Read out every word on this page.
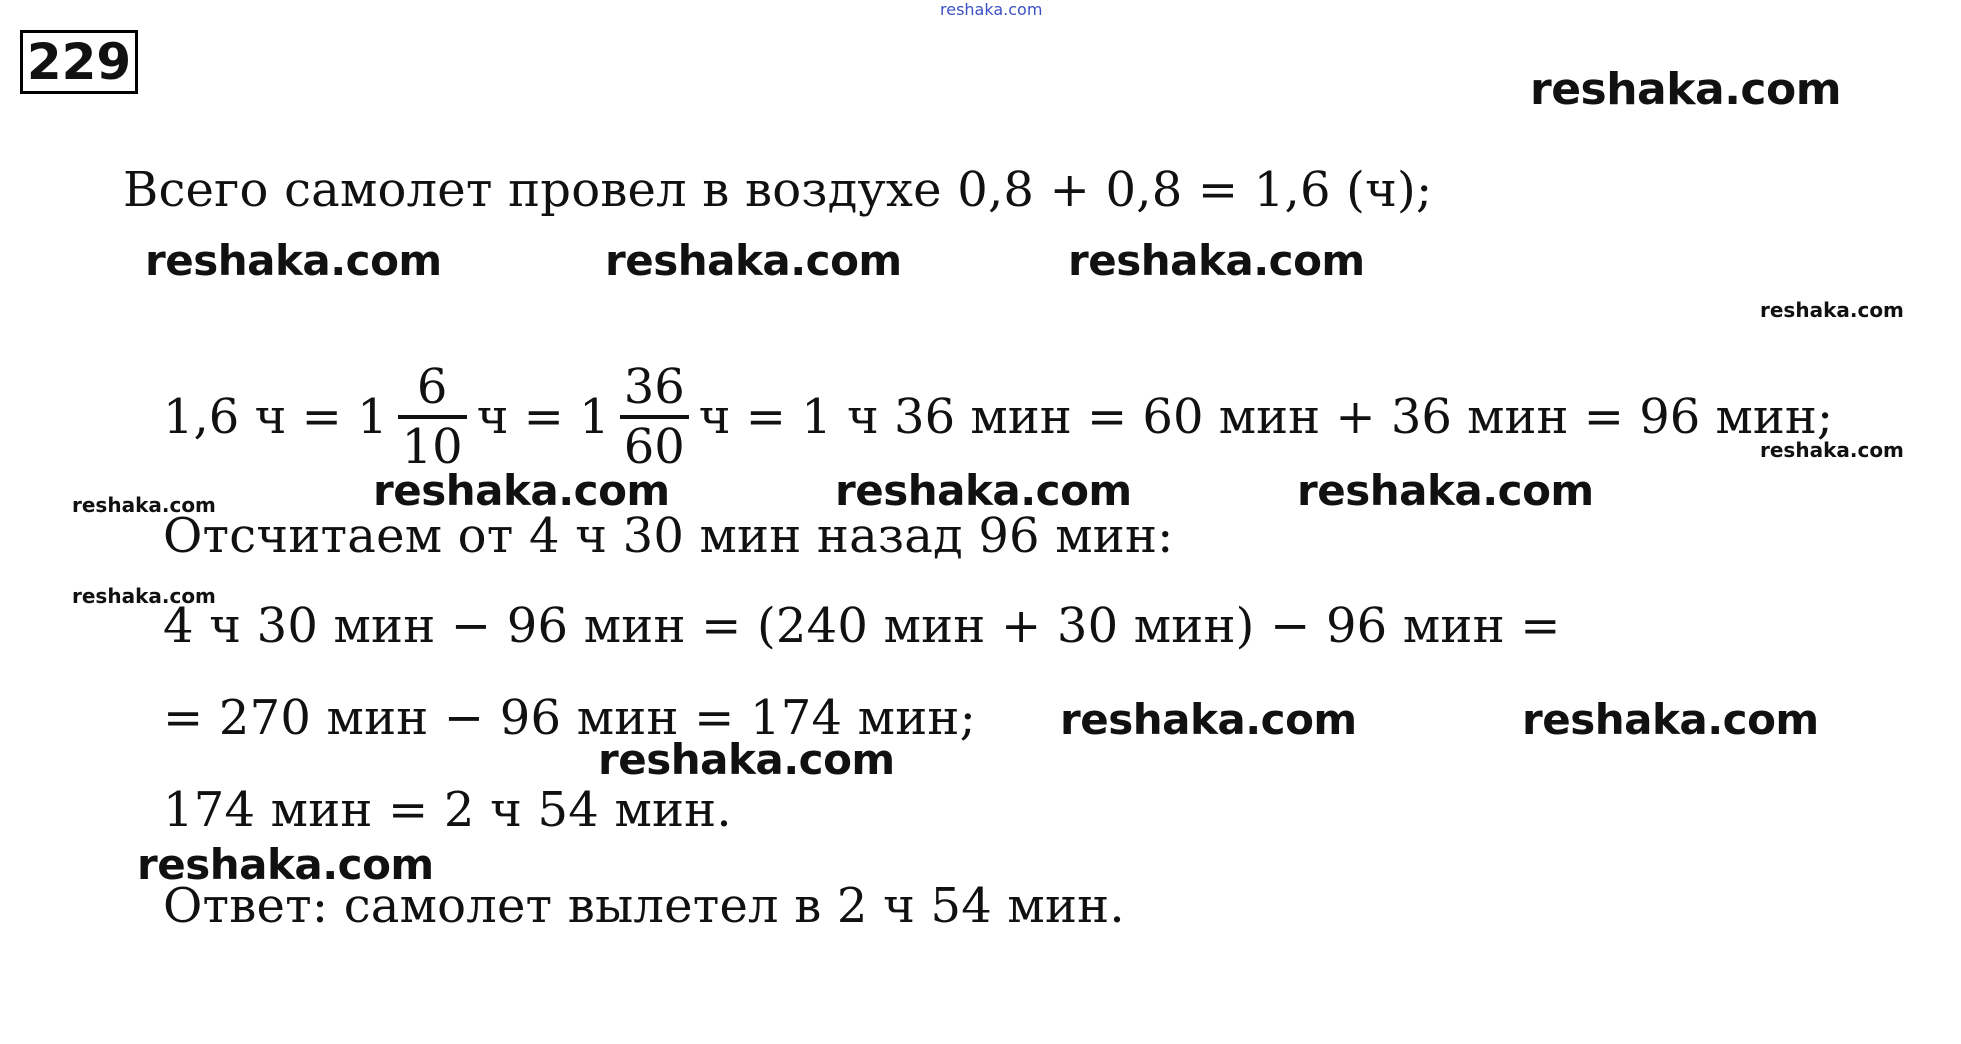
reshaka.com
229	reshaka.com
reshaka.com	reshaka.com	reshaka.com
reshaka.com
reshaka.com
reshaka.com	reshaka.com	reshaka.com	reshaka.com
reshaka.com
reshaka.com	reshaka.com
reshaka.com
reshaka.com
Всего самолет провел в воздухе 0,8 + 0,8 = 1,6 (ч);
1,6 $ч = 1 \frac{6}{10}$ $ч = 1 \frac{36}{60}$ ч = 1 ч 36 мин = 60 мин + 36 мин = 96 мин;
Отсчитаем от 4 ч 30 мин назад 96 мин:
4 ч 30 мин − 96 мин = (240 мин + 30 мин) − 96 мин =
= 270 мин − 96 мин = 174 мин;
174 мин = 2 ч 54 мин.
Ответ: самолет вылетел в 2 ч 54 мин.
